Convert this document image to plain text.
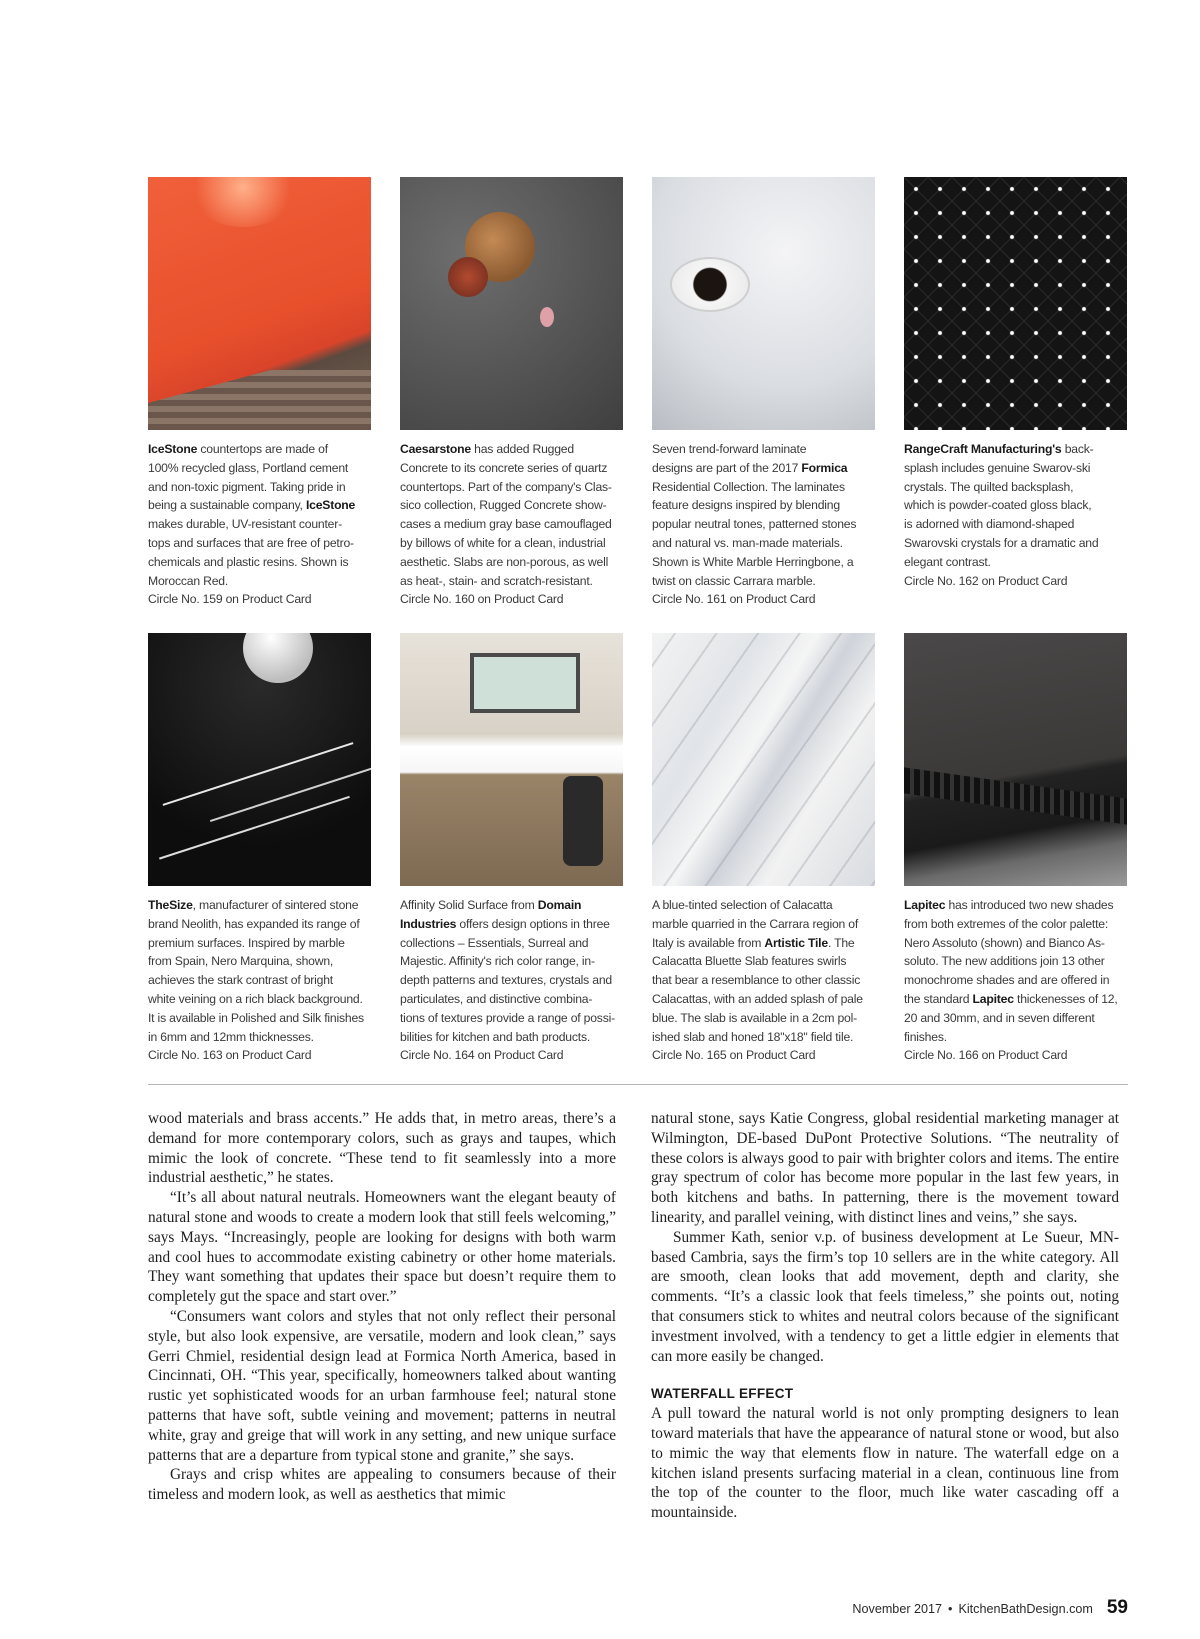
IceStone countertops are made of
100% recycled glass, Portland cement
and non-toxic pigment. Taking pride in
being a sustainable company, IceStone
makes durable, UV-resistant counter-
tops and surfaces that are free of petro-
chemicals and plastic resins. Shown is
Moroccan Red.
Circle No. 159 on Product Card
Caesarstone has added Rugged
Concrete to its concrete series of quartz
countertops. Part of the company's Clas-
sico collection, Rugged Concrete show-
cases a medium gray base camouflaged
by billows of white for a clean, industrial
aesthetic. Slabs are non-porous, as well
as heat-, stain- and scratch-resistant.
Circle No. 160 on Product Card
Seven trend-forward laminate
designs are part of the 2017 Formica
Residential Collection. The laminates
feature designs inspired by blending
popular neutral tones, patterned stones
and natural vs. man-made materials.
Shown is White Marble Herringbone, a
twist on classic Carrara marble.
Circle No. 161 on Product Card
RangeCraft Manufacturing's back-
splash includes genuine Swarov-ski
crystals. The quilted backsplash,
which is powder-coated gloss black,
is adorned with diamond-shaped
Swarovski crystals for a dramatic and
elegant contrast.
Circle No. 162 on Product Card
TheSize, manufacturer of sintered stone
brand Neolith, has expanded its range of
premium surfaces. Inspired by marble
from Spain, Nero Marquina, shown,
achieves the stark contrast of bright
white veining on a rich black background.
It is available in Polished and Silk finishes
in 6mm and 12mm thicknesses.
Circle No. 163 on Product Card
Affinity Solid Surface from Domain
Industries offers design options in three
collections – Essentials, Surreal and
Majestic. Affinity's rich color range, in-
depth patterns and textures, crystals and
particulates, and distinctive combina-
tions of textures provide a range of possi-
bilities for kitchen and bath products.
Circle No. 164 on Product Card
A blue-tinted selection of Calacatta
marble quarried in the Carrara region of
Italy is available from Artistic Tile. The
Calacatta Bluette Slab features swirls
that bear a resemblance to other classic
Calacattas, with an added splash of pale
blue. The slab is available in a 2cm pol-
ished slab and honed 18"x18" field tile.
Circle No. 165 on Product Card
Lapitec has introduced two new shades
from both extremes of the color palette:
Nero Assoluto (shown) and Bianco As-
soluto. The new additions join 13 other
monochrome shades and are offered in
the standard Lapitec thickenesses of 12,
20 and 30mm, and in seven different
finishes.
Circle No. 166 on Product Card

wood materials and brass accents.” He adds that, in metro areas, there’s a demand for more contemporary colors, such as grays and taupes, which mimic the look of concrete. “These tend to fit seamlessly into a more industrial aesthetic,” he states.

“It’s all about natural neutrals. Homeowners want the elegant beauty of natural stone and woods to create a modern look that still feels welcoming,” says Mays. “Increasingly, people are looking for designs with both warm and cool hues to accommodate existing cabinetry or other home materials. They want something that updates their space but doesn’t require them to completely gut the space and start over.”

“Consumers want colors and styles that not only reflect their personal style, but also look expensive, are versatile, modern and look clean,” says Gerri Chmiel, residential design lead at Formica North America, based in Cincinnati, OH. “This year, specifically, homeowners talked about wanting rustic yet sophisticated woods for an urban farmhouse feel; natural stone patterns that have soft, subtle veining and movement; patterns in neutral white, gray and greige that will work in any setting, and new unique surface patterns that are a departure from typical stone and granite,” she says.

Grays and crisp whites are appealing to consumers because of their timeless and modern look, as well as aesthetics that mimic

natural stone, says Katie Congress, global residential marketing manager at Wilmington, DE-based DuPont Protective Solutions. “The neutrality of these colors is always good to pair with brighter colors and items. The entire gray spectrum of color has become more popular in the last few years, in both kitchens and baths. In patterning, there is the movement toward linearity, and parallel veining, with distinct lines and veins,” she says.

Summer Kath, senior v.p. of business development at Le Sueur, MN-based Cambria, says the firm’s top 10 sellers are in the white category. All are smooth, clean looks that add movement, depth and clarity, she comments. “It’s a classic look that feels timeless,” she points out, noting that consumers stick to whites and neutral colors because of the significant investment involved, with a tendency to get a little edgier in elements that can more easily be changed.

WATERFALL EFFECT

A pull toward the natural world is not only prompting designers to lean toward materials that have the appearance of natural stone or wood, but also to mimic the way that elements flow in nature. The waterfall edge on a kitchen island presents surfacing material in a clean, continuous line from the top of the counter to the floor, much like water cascading off a mountainside.

November 2017 • KitchenBathDesign.com 59
